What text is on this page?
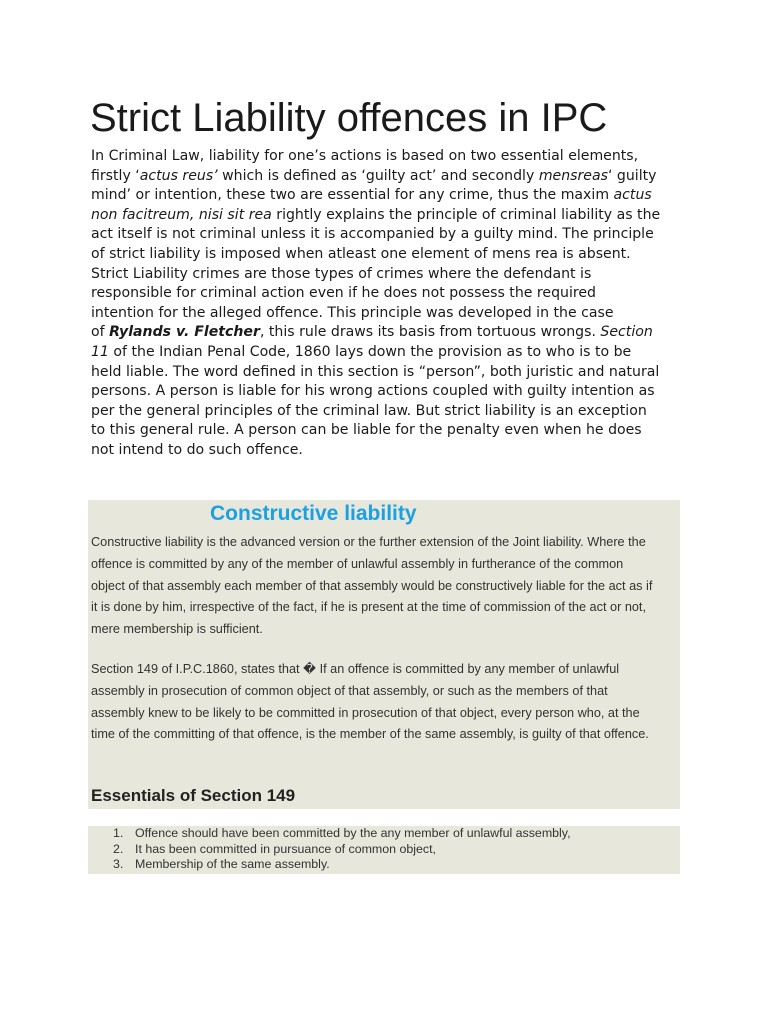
Strict Liability offences in IPC

In Criminal Law, liability for one’s actions is based on two essential elements,
firstly ‘actus reus’ which is defined as ‘guilty act’ and secondly mensreas‘ guilty
mind’ or intention, these two are essential for any crime, thus the maxim actus
non facitreum, nisi sit rea rightly explains the principle of criminal liability as the
act itself is not criminal unless it is accompanied by a guilty mind. The principle
of strict liability is imposed when atleast one element of mens rea is absent.
Strict Liability crimes are those types of crimes where the defendant is
responsible for criminal action even if he does not possess the required
intention for the alleged offence. This principle was developed in the case
of Rylands v. Fletcher, this rule draws its basis from tortuous wrongs. Section
11 of the Indian Penal Code, 1860 lays down the provision as to who is to be
held liable. The word defined in this section is “person”, both juristic and natural
persons. A person is liable for his wrong actions coupled with guilty intention as
per the general principles of the criminal law. But strict liability is an exception
to this general rule. A person can be liable for the penalty even when he does
not intend to do such offence.

Constructive liability

Constructive liability is the advanced version or the further extension of the Joint liability. Where the
offence is committed by any of the member of unlawful assembly in furtherance of the common
object of that assembly each member of that assembly would be constructively liable for the act as if
it is done by him, irrespective of the fact, if he is present at the time of commission of the act or not,
mere membership is sufficient.

Section 149 of I.P.C.1860, states that � If an offence is committed by any member of unlawful
assembly in prosecution of common object of that assembly, or such as the members of that
assembly knew to be likely to be committed in prosecution of that object, every person who, at the
time of the committing of that offence, is the member of the same assembly, is guilty of that offence.

Essentials of Section 149
1. Offence should have been committed by the any member of unlawful assembly,
2. It has been committed in pursuance of common object,
3. Membership of the same assembly.
